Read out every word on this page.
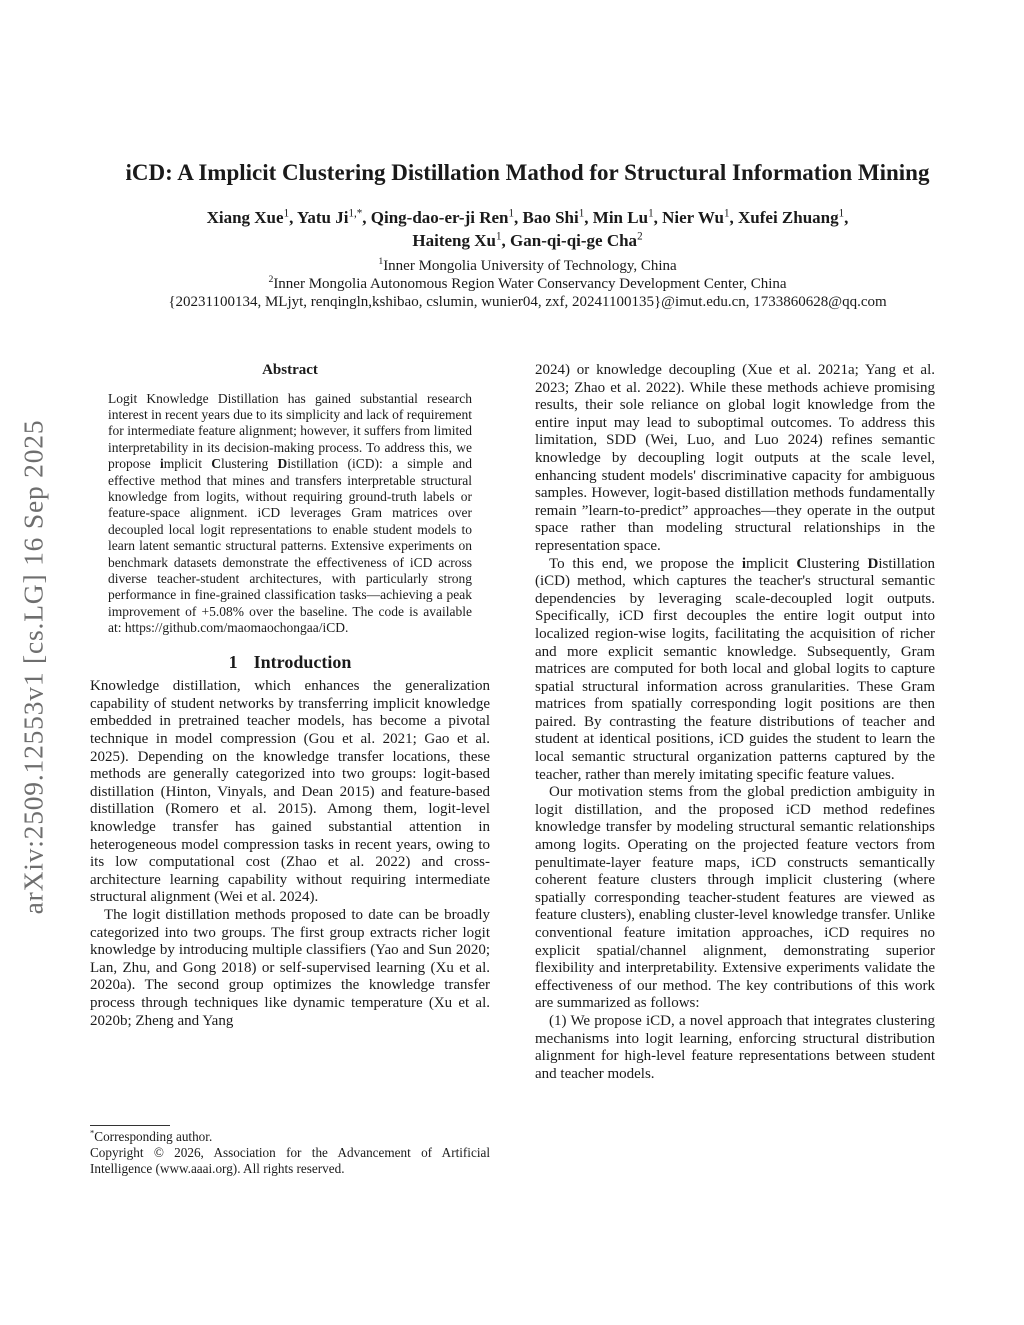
arXiv:2509.12553v1 [cs.LG] 16 Sep 2025
iCD: A Implicit Clustering Distillation Mathod for Structural Information Mining
Xiang Xue$^1$, Yatu $Ji^{1,*}$, Qing-dao-er-ji Ren$^1$, Bao Shi$^1$, Min Lu$^1$, Nier Wu$^1$, Xufei Zhuang$^1$,
Haiteng Xu$^1$, Gan-qi-qi-ge Cha$^2$
$^1$Inner Mongolia University of Technology, China
$^2$Inner Mongolia Autonomous Region Water Conservancy Development Center, China
{20231100134, MLjyt, renqingln,kshibao, cslumin, wunier04, zxf, 20241100135}@imut.edu.cn, 1733860628@qq.com
Abstract

Logit Knowledge Distillation has gained substantial research interest in recent years due to its simplicity and lack of requirement for intermediate feature alignment; however, it suffers from limited interpretability in its decision-making process. To address this, we propose implicit Clustering Distillation (iCD): a simple and effective method that mines and transfers interpretable structural knowledge from logits, without requiring ground-truth labels or feature-space alignment. iCD leverages Gram matrices over decoupled local logit representations to enable student models to learn latent semantic structural patterns. Extensive experiments on benchmark datasets demonstrate the effectiveness of iCD across diverse teacher-student architectures, with particularly strong performance in fine-grained classification tasks—achieving a peak improvement of +5.08% over the baseline. The code is available at: https://github.com/maomaochongaa/iCD.

1 Introduction

Knowledge distillation, which enhances the generalization capability of student networks by transferring implicit knowledge embedded in pretrained teacher models, has become a pivotal technique in model compression (Gou et al. 2021; Gao et al. 2025). Depending on the knowledge transfer locations, these methods are generally categorized into two groups: logit-based distillation (Hinton, Vinyals, and Dean 2015) and feature-based distillation (Romero et al. 2015). Among them, logit-level knowledge transfer has gained substantial attention in heterogeneous model compression tasks in recent years, owing to its low computational cost (Zhao et al. 2022) and cross-architecture learning capability without requiring intermediate structural alignment (Wei et al. 2024).

The logit distillation methods proposed to date can be broadly categorized into two groups. The first group extracts richer logit knowledge by introducing multiple classifiers (Yao and Sun 2020; Lan, Zhu, and Gong 2018) or self-supervised learning (Xu et al. 2020a). The second group optimizes the knowledge transfer process through techniques like dynamic temperature (Xu et al. 2020b; Zheng and Yang

2024) or knowledge decoupling (Xue et al. 2021a; Yang et al. 2023; Zhao et al. 2022). While these methods achieve promising results, their sole reliance on global logit knowledge from the entire input may lead to suboptimal outcomes. To address this limitation, SDD (Wei, Luo, and Luo 2024) refines semantic knowledge by decoupling logit outputs at the scale level, enhancing student models' discriminative capacity for ambiguous samples. However, logit-based distillation methods fundamentally remain ”learn-to-predict” approaches—they operate in the output space rather than modeling structural relationships in the representation space.

To this end, we propose the implicit Clustering Distillation (iCD) method, which captures the teacher's structural semantic dependencies by leveraging scale-decoupled logit outputs. Specifically, iCD first decouples the entire logit output into localized region-wise logits, facilitating the acquisition of richer and more explicit semantic knowledge. Subsequently, Gram matrices are computed for both local and global logits to capture spatial structural information across granularities. These Gram matrices from spatially corresponding logit positions are then paired. By contrasting the feature distributions of teacher and student at identical positions, iCD guides the student to learn the local semantic structural organization patterns captured by the teacher, rather than merely imitating specific feature values.

Our motivation stems from the global prediction ambiguity in logit distillation, and the proposed iCD method redefines knowledge transfer by modeling structural semantic relationships among logits. Operating on the projected feature vectors from penultimate-layer feature maps, iCD constructs semantically coherent feature clusters through implicit clustering (where spatially corresponding teacher-student features are viewed as feature clusters), enabling cluster-level knowledge transfer. Unlike conventional feature imitation approaches, iCD requires no explicit spatial/channel alignment, demonstrating superior flexibility and interpretability. Extensive experiments validate the effectiveness of our method. The key contributions of this work are summarized as follows:

(1) We propose iCD, a novel approach that integrates clustering mechanisms into logit learning, enforcing structural distribution alignment for high-level feature representations between student and teacher models.

*Corresponding author.

Copyright © 2026, Association for the Advancement of Artificial Intelligence (www.aaai.org). All rights reserved.
